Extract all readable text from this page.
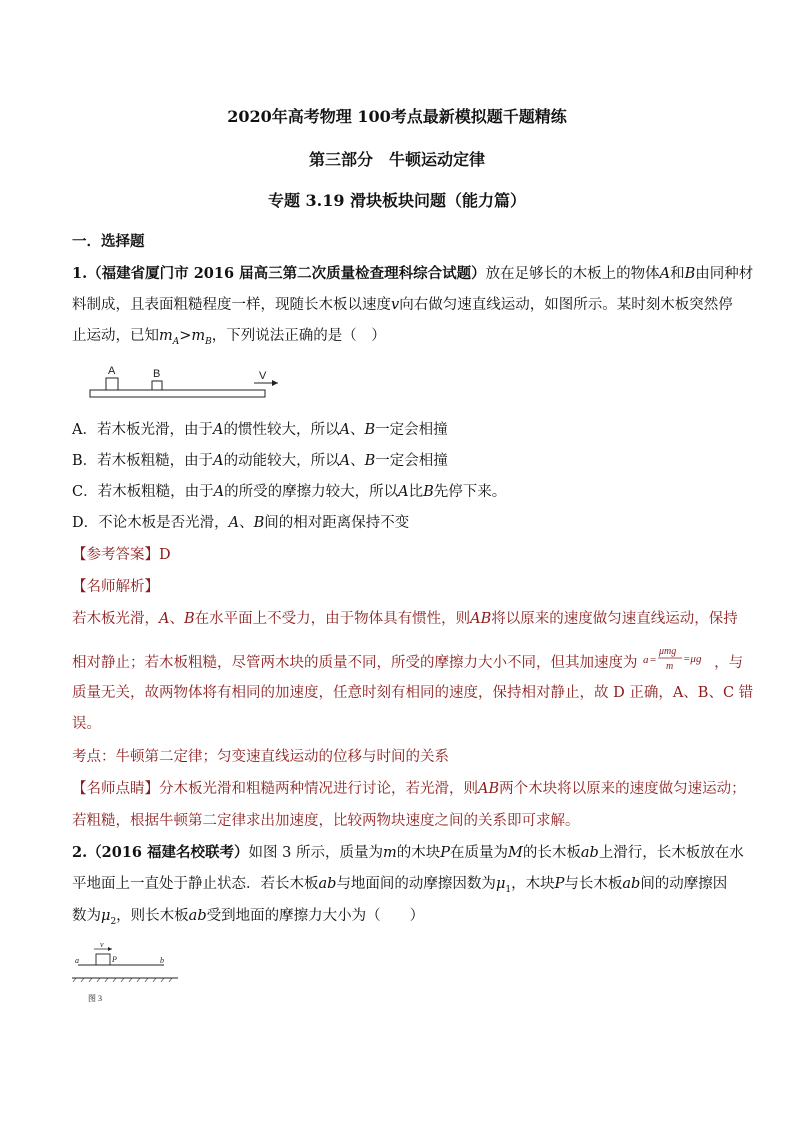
2020年高考物理 100考点最新模拟题千题精练
第三部分　牛顿运动定律
专题 3.19 滑块板块问题（能力篇）
一．选择题
1.（福建省厦门市 2016 届高三第二次质量检查理科综合试题）放在足够长的木板上的物体A和B由同种材
料制成，且表面粗糙程度一样，现随长木板以速度v向右做匀速直线运动，如图所示。某时刻木板突然停
止运动，已知$m_A>m_B$，下列说法正确的是（　）
A	B	V
A．若木板光滑，由于A的惯性较大，所以A、B一定会相撞
B．若木板粗糙，由于A的动能较大，所以A、B一定会相撞
C．若木板粗糙，由于A的所受的摩擦力较大，所以A比B先停下来。
D．不论木板是否光滑，A、B间的相对距离保持不变
【参考答案】D
【名师解析】
若木板光滑，A、B在水平面上不受力，由于物体具有惯性，则AB将以原来的速度做匀速直线运动，保持
相对静止；若木板粗糙，尽管两木块的质量不同，所受的摩擦力大小不同，但其加速度为 a =
μmg
m
=μg ，与
质量无关，故两物体将有相同的加速度，任意时刻有相同的速度，保持相对静止，故 D 正确，A、B、C 错
误。
考点：牛顿第二定律；匀变速直线运动的位移与时间的关系
【名师点睛】分木板光滑和粗糙两种情况进行讨论，若光滑，则AB两个木块将以原来的速度做匀速运动；
若粗糙，根据牛顿第二定律求出加速度，比较两物块速度之间的关系即可求解。
2.（2016 福建名校联考）如图 3 所示，质量为m的木块P在质量为M的长木板ab上滑行，长木板放在水
平地面上一直处于静止状态．若长木板ab与地面间的动摩擦因数为$\mu_1$，木块P与长木板ab间的动摩擦因
数为$\mu_2$，则长木板ab受到地面的摩擦力大小为（　　）
v
P
a	b
图 3
